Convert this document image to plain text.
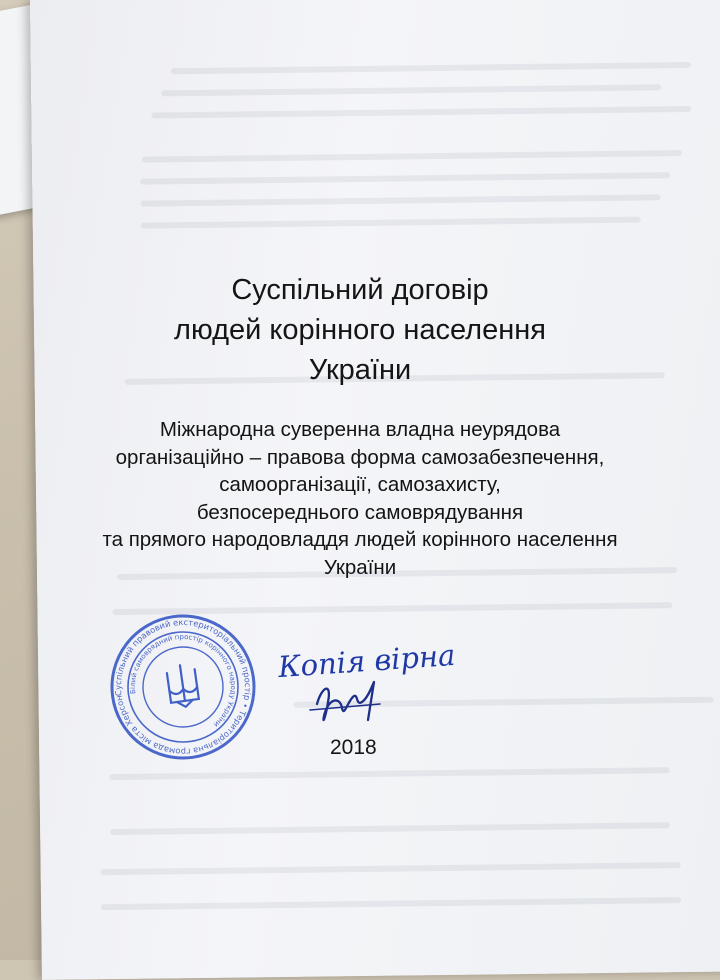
Суспільний договір
людей корінного населення
України
Міжнародна суверенна владна неурядова
організаційно – правова форма самозабезпечення,
самоорганізації, самозахисту,
безпосереднього самоврядування
та прямого народовладдя людей корінного населення
України
Суспільний правовий екстериторіальний простір • Територіальна громада міста Херсон
Білий самоврядний простір корінного народу України
Копія вірна
2018
